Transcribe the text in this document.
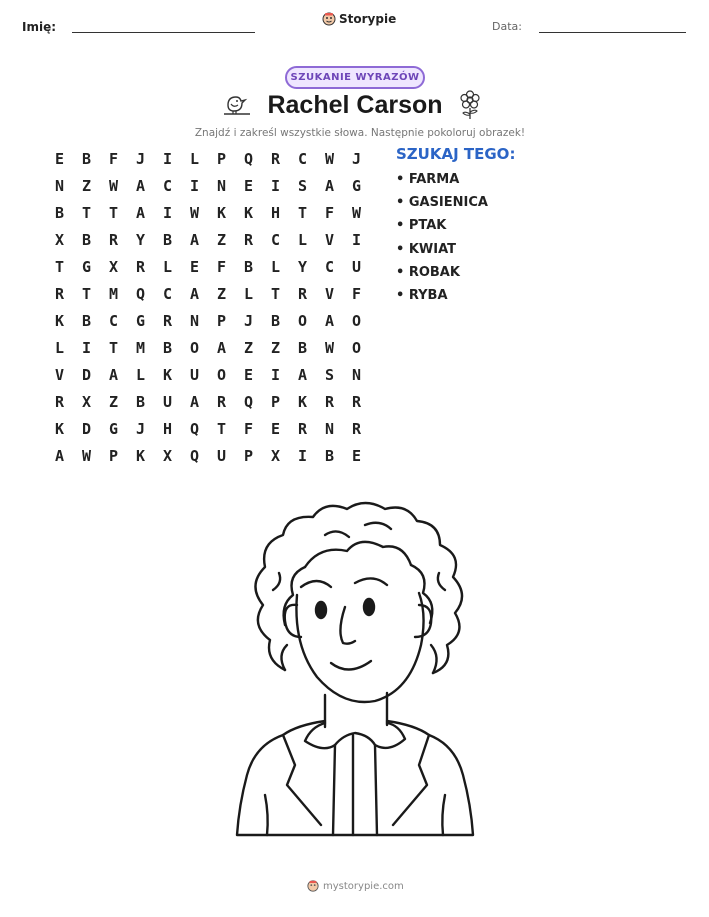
Imię:
Storypie
Data:
SZUKANIE WYRAZÓW
Rachel Carson
Znajdź i zakreśl wszystkie słowa. Następnie pokoloruj obrazek!
E	B	F	J	I	L	P	Q	R	C	W	J
N	Z	W	A	C	I	N	E	I	S	A	G
B	T	T	A	I	W	K	K	H	T	F	W
X	B	R	Y	B	A	Z	R	C	L	V	I
T	G	X	R	L	E	F	B	L	Y	C	U
R	T	M	Q	C	A	Z	L	T	R	V	F
K	B	C	G	R	N	P	J	B	O	A	O
L	I	T	M	B	O	A	Z	Z	B	W	O
V	D	A	L	K	U	O	E	I	A	S	N
R	X	Z	B	U	A	R	Q	P	K	R	R
K	D	G	J	H	Q	T	F	E	R	N	R
A	W	P	K	X	Q	U	P	X	I	B	E
SZUKAJ TEGO:
• FARMA
• GASIENICA
• PTAK
• KWIAT
• ROBAK
• RYBA
mystorypie.com
